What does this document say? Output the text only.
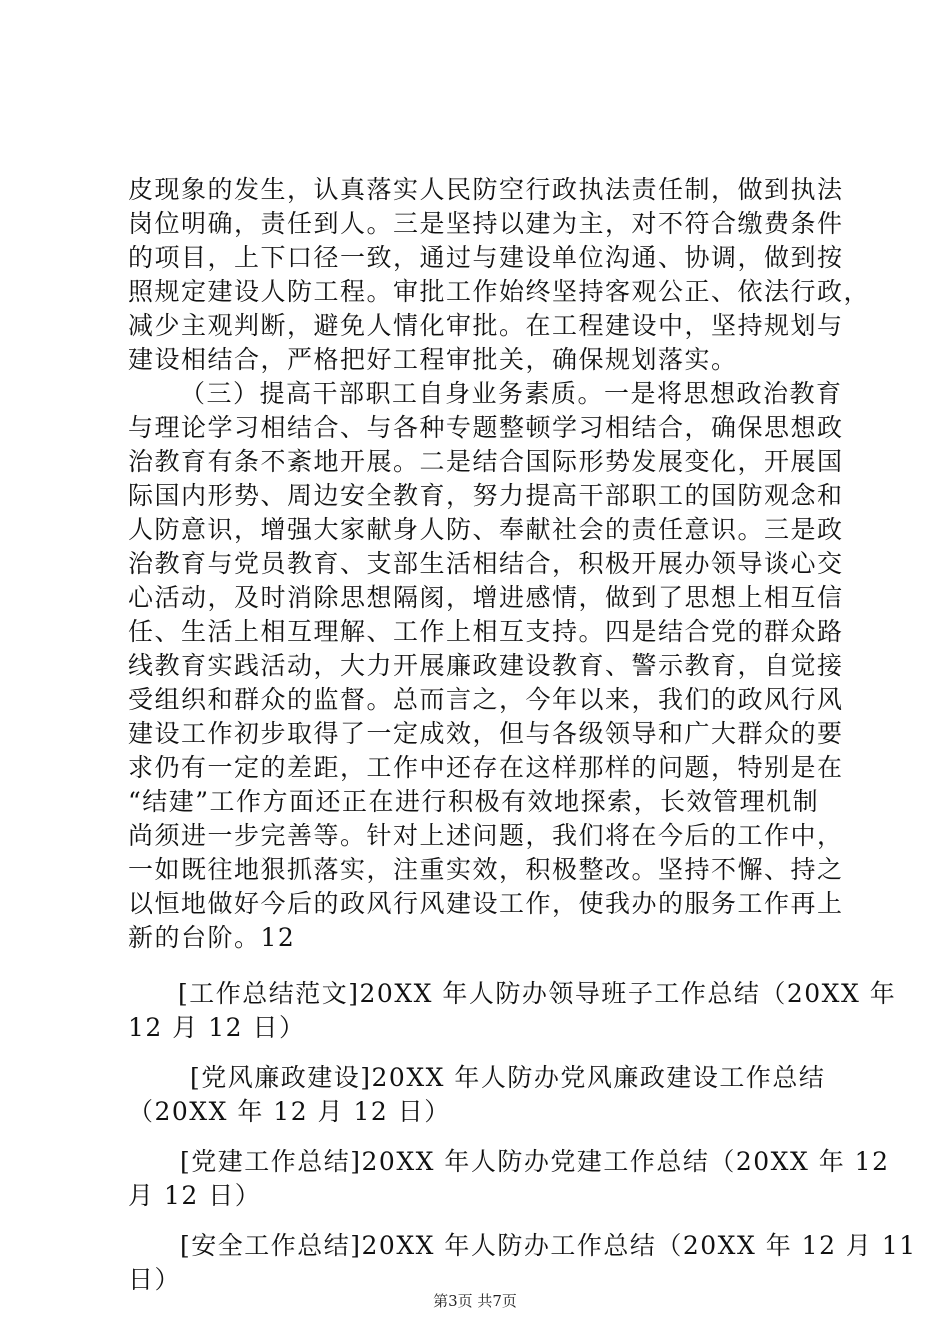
皮现象的发生，认真落实人民防空行政执法责任制，做到执法
岗位明确，责任到人。三是坚持以建为主，对不符合缴费条件
的项目，上下口径一致，通过与建设单位沟通、协调，做到按
照规定建设人防工程。审批工作始终坚持客观公正、依法行政，
减少主观判断，避免人情化审批。在工程建设中，坚持规划与
建设相结合，严格把好工程审批关，确保规划落实。
（三）提高干部职工自身业务素质。一是将思想政治教育
与理论学习相结合、与各种专题整顿学习相结合，确保思想政
治教育有条不紊地开展。二是结合国际形势发展变化，开展国
际国内形势、周边安全教育，努力提高干部职工的国防观念和
人防意识，增强大家献身人防、奉献社会的责任意识。三是政
治教育与党员教育、支部生活相结合，积极开展办领导谈心交
心活动，及时消除思想隔阂，增进感情，做到了思想上相互信
任、生活上相互理解、工作上相互支持。四是结合党的群众路
线教育实践活动，大力开展廉政建设教育、警示教育，自觉接
受组织和群众的监督。总而言之，今年以来，我们的政风行风
建设工作初步取得了一定成效，但与各级领导和广大群众的要
求仍有一定的差距，工作中还存在这样那样的问题，特别是在
“结建”工作方面还正在进行积极有效地探索，长效管理机制
尚须进一步完善等。针对上述问题，我们将在今后的工作中，
一如既往地狠抓落实，注重实效，积极整改。坚持不懈、持之
以恒地做好今后的政风行风建设工作，使我办的服务工作再上
新的台阶。12
[工作总结范文]20XX 年人防办领导班子工作总结（20XX 年
12 月 12 日）
[党风廉政建设]20XX 年人防办党风廉政建设工作总结
（20XX 年 12 月 12 日）
[党建工作总结]20XX 年人防办党建工作总结（20XX 年 12
月 12 日）
[安全工作总结]20XX 年人防办工作总结（20XX 年 12 月 11
日）
第3页 共7页
